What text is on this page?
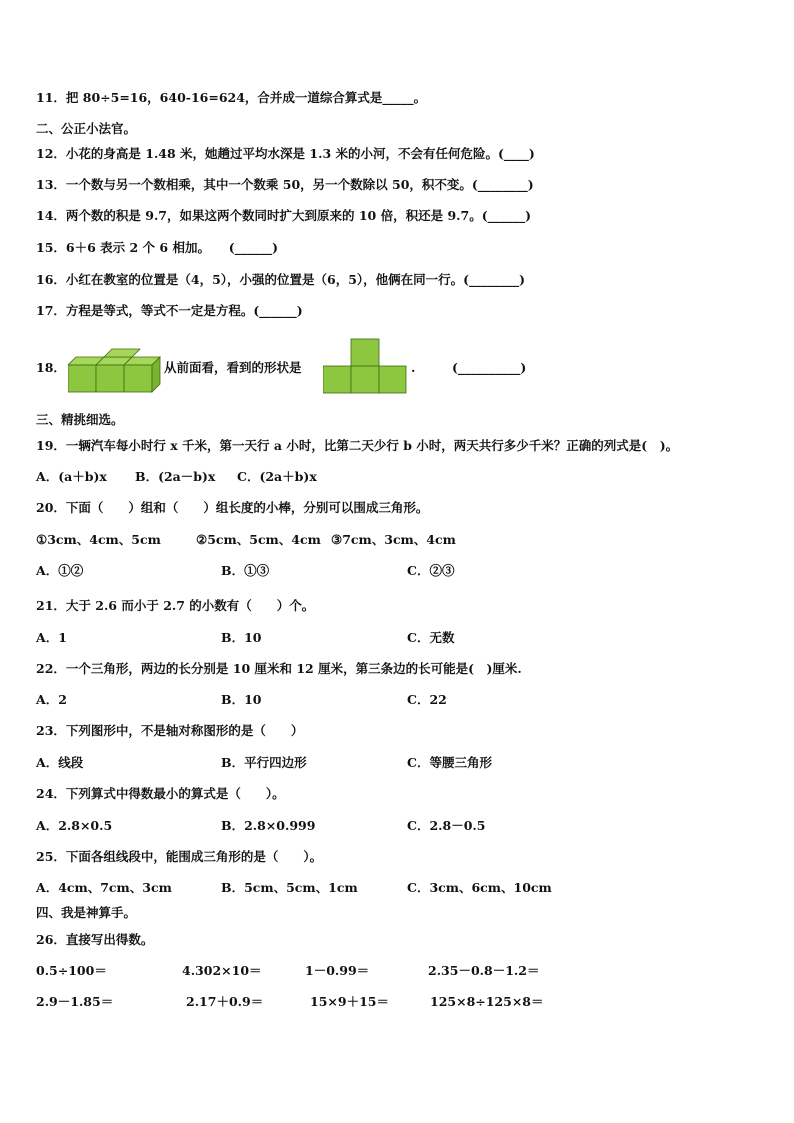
11．把 80÷5=16，640-16=624，合并成一道综合算式是_____。
二、公正小法官。
12．小花的身高是 1.48 米，她趟过平均水深是 1.3 米的小河，不会有任何危险。(____)
13．一个数与另一个数相乘，其中一个数乘 50，另一个数除以 50，积不变。(________)
14．两个数的积是 9.7，如果这两个数同时扩大到原来的 10 倍，积还是 9.7。(______)
15．6＋6 表示 2 个 6 相加。　　(______)
16．小红在教室的位置是（4，5），小强的位置是（6，5），他俩在同一行。(________)
17．方程是等式，等式不一定是方程。(______)
18．	从前面看，看到的形状是	.	(__________)
三、精挑细选。
19．一辆汽车每小时行 x 千米，第一天行 a 小时，比第二天少行 b 小时，两天共行多少千米？正确的列式是(　)。
A．(a＋b)x B．(2a－b)x C．(2a＋b)x
20．下面（　　）组和（　　）组长度的小棒，分别可以围成三角形。
①3cm、4cm、5cm	②5cm、5cm、4cm ③7cm、3cm、4cm
A．①②	B．①③	C．②③
21．大于 2.6 而小于 2.7 的小数有（　　）个。
A．1	B．10	C．无数
22．一个三角形，两边的长分别是 10 厘米和 12 厘米，第三条边的长可能是(　)厘米.
A．2	B．10	C．22
23．下列图形中，不是轴对称图形的是（　　）
A．线段	B．平行四边形	C．等腰三角形
24．下列算式中得数最小的算式是（　　）。
A．2.8×0.5	B．2.8×0.999	C．2.8－0.5
25．下面各组线段中，能围成三角形的是（　　）。
A．4cm、7cm、3cm	B．5cm、5cm、1cm	C．3cm、6cm、10cm
四、我是神算手。
26．直接写出得数。
0.5÷100＝	4.302×10＝	1－0.99＝	2.35－0.8－1.2＝
2.9－1.85＝	2.17＋0.9＝	15×9＋15＝	125×8÷125×8＝
